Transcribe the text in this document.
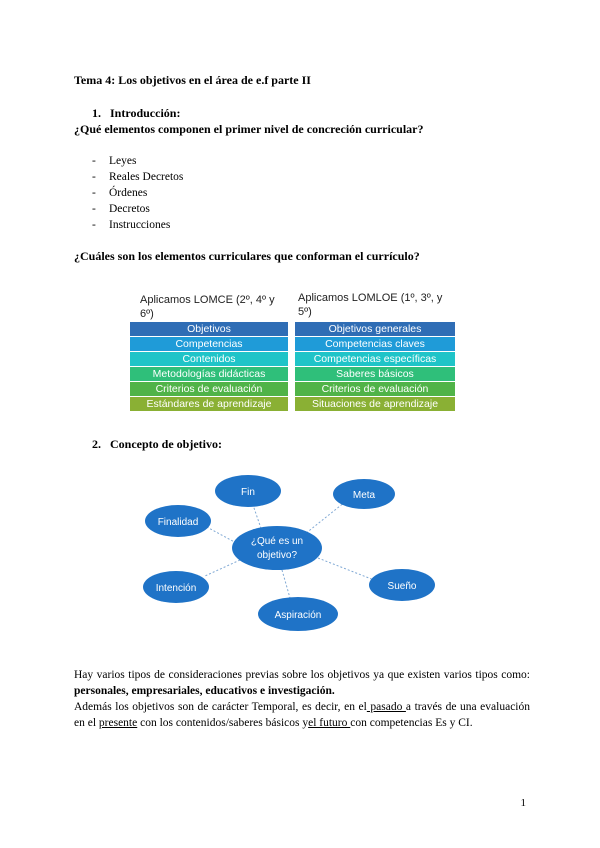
Tema 4: Los objetivos en el área de e.f parte II
1. Introducción:
¿Qué elementos componen el primer nivel de concreción curricular?
- Leyes
- Reales Decretos
- Órdenes
- Decretos
- Instrucciones
¿Cuáles son los elementos curriculares que conforman el currículo?
Aplicamos LOMCE (2º, 4º y 6º)
Objetivos
Competencias
Contenidos
Metodologías didácticas
Criterios de evaluación
Estándares de aprendizaje
Aplicamos LOMLOE (1º, 3º, y 5º)
Objetivos generales
Competencias claves
Competencias específicas
Saberes básicos
Criterios de evaluación
Situaciones de aprendizaje
2. Concepto de objetivo:
¿Qué es un
objetivo?
Fin	Meta
Finalidad
Intención
Aspiración
Sueño
Hay varios tipos de consideraciones previas sobre los objetivos ya que existen varios tipos como: personales, empresariales, educativos e investigación.
Además los objetivos son de carácter Temporal, es decir, en el pasado a través de una evaluación en el presente con los contenidos/saberes básicos yel futuro con competencias Es y CI.
1
